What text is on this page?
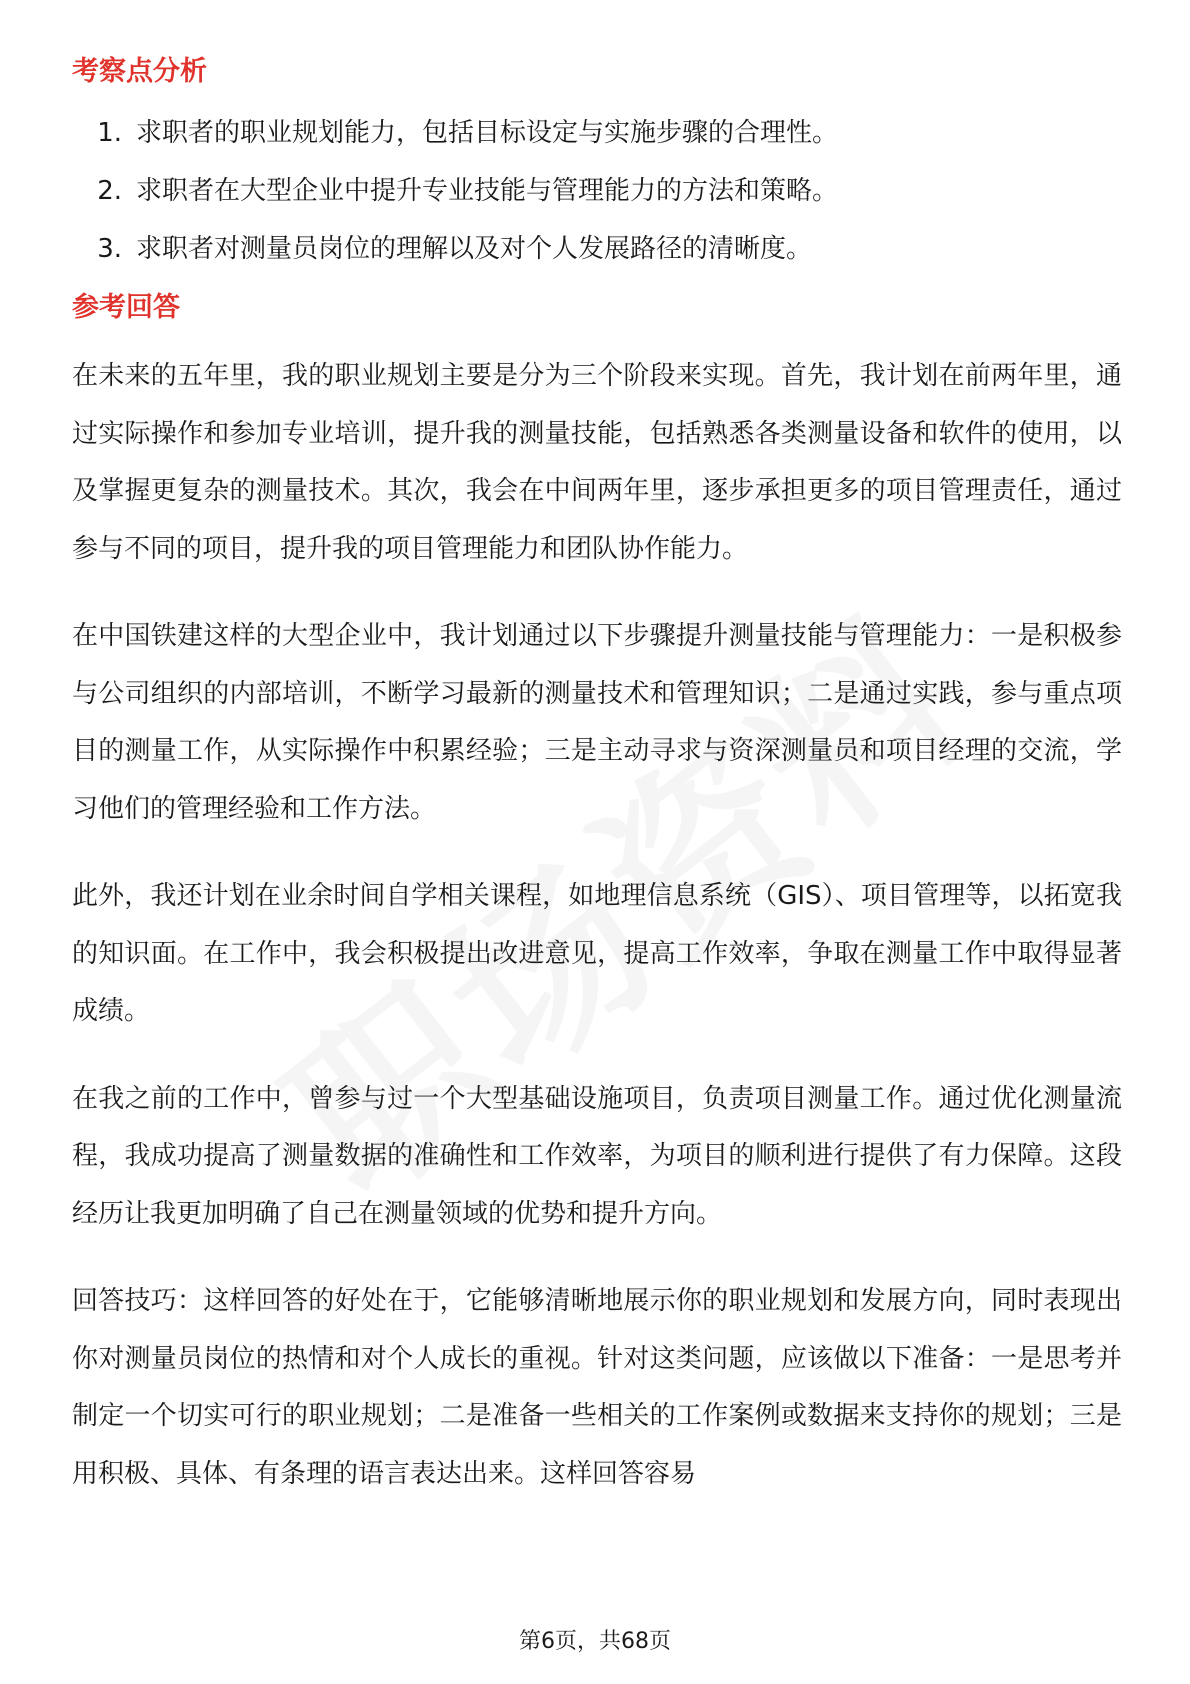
考察点分析
1. 求职者的职业规划能力，包括目标设定与实施步骤的合理性。
2. 求职者在大型企业中提升专业技能与管理能力的方法和策略。
3. 求职者对测量员岗位的理解以及对个人发展路径的清晰度。
参考回答

在未来的五年里，我的职业规划主要是分为三个阶段来实现。首先，我计划在前两年里，通过实际操作和参加专业培训，提升我的测量技能，包括熟悉各类测量设备和软件的使用，以及掌握更复杂的测量技术。其次，我会在中间两年里，逐步承担更多的项目管理责任，通过参与不同的项目，提升我的项目管理能力和团队协作能力。

在中国铁建这样的大型企业中，我计划通过以下步骤提升测量技能与管理能力：一是积极参与公司组织的内部培训，不断学习最新的测量技术和管理知识；二是通过实践，参与重点项目的测量工作，从实际操作中积累经验；三是主动寻求与资深测量员和项目经理的交流，学习他们的管理经验和工作方法。

此外，我还计划在业余时间自学相关课程，如地理信息系统（GIS）、项目管理等，以拓宽我的知识面。在工作中，我会积极提出改进意见，提高工作效率，争取在测量工作中取得显著成绩。

在我之前的工作中，曾参与过一个大型基础设施项目，负责项目测量工作。通过优化测量流程，我成功提高了测量数据的准确性和工作效率，为项目的顺利进行提供了有力保障。这段经历让我更加明确了自己在测量领域的优势和提升方向。

回答技巧：这样回答的好处在于，它能够清晰地展示你的职业规划和发展方向，同时表现出你对测量员岗位的热情和对个人成长的重视。针对这类问题，应该做以下准备：一是思考并制定一个切实可行的职业规划；二是准备一些相关的工作案例或数据来支持你的规划；三是用积极、具体、有条理的语言表达出来。这样回答容易

第6页，共68页
